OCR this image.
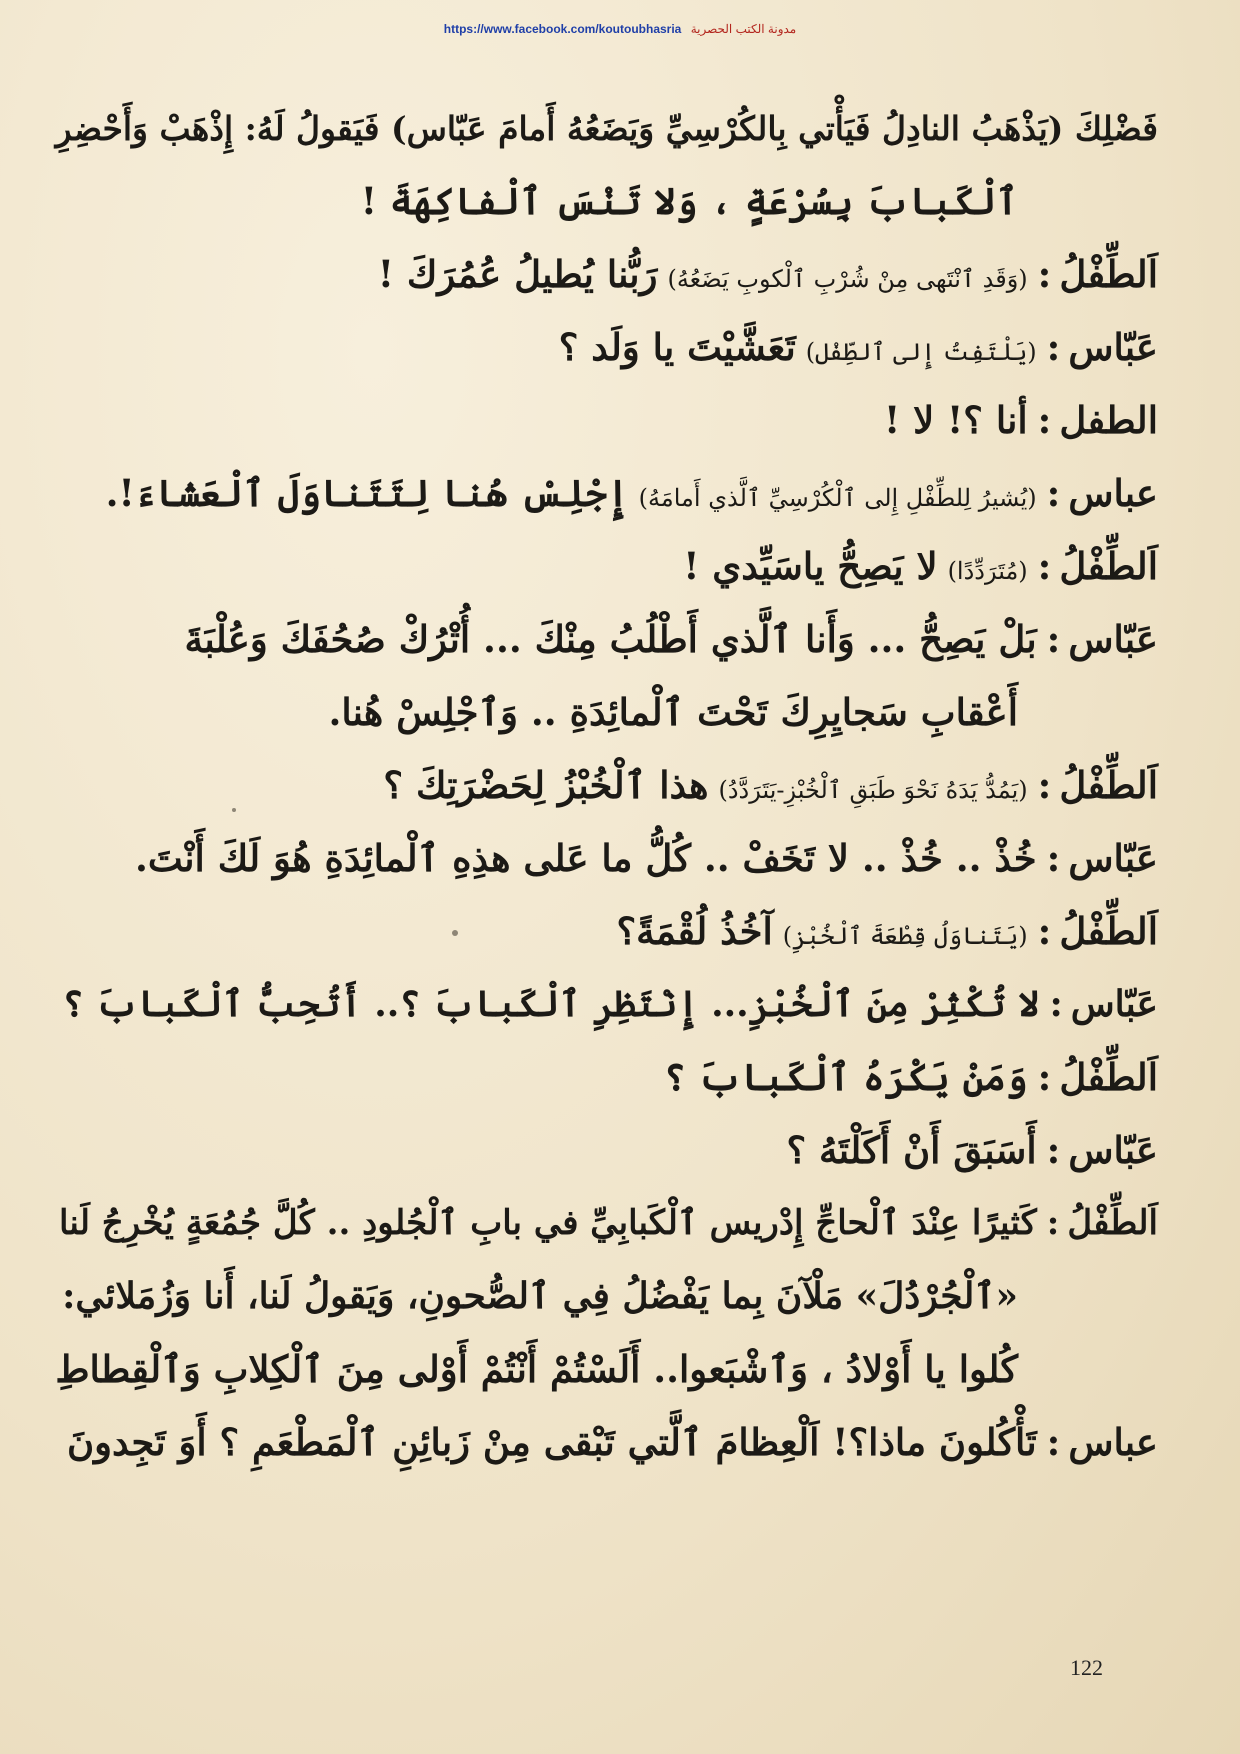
مدونة الكتب الحصرية https://www.facebook.com/koutoubhasria
فَضْلِكَ (يَذْهَبُ النادِلُ فَيَأْتي بِالكُرْسِيِّ وَيَضَعُهُ أَمامَ عَبّاس) فَيَقولُ لَهُ: إِذْهَبْ وَأَحْضِرِ
ٱلْكَبابَ بِسُرْعَةٍ ، وَلا تَنْسَ ٱلْفاكِهَةَ !
اَلطِّفْلُ
:
(وَقَدِ ٱنْتَهى مِنْ شُرْبِ ٱلْكوبِ يَضَعُهُ)
رَبُّنا يُطيلُ عُمُرَكَ !
عَبّاس
:
(يَلْتَفِتُ إِلى ٱلطِّفْل)
تَعَشَّيْتَ يا وَلَد ؟
الطفل
:
أنا ؟! لا !
عباس
:
(يُشيرُ لِلطِّفْلِ إِلى ٱلْكُرْسِيِّ ٱلَّذي أَمامَهُ)
إِجْلِسْ هُنا لِتَتَناوَلَ ٱلْعَشاءَ!.
اَلطِّفْلُ
:
(مُتَرَدِّدًا)
لا يَصِحُّ ياسَيِّدي !
عَبّاس
:
بَلْ يَصِحُّ ... وَأَنا ٱلَّذي أَطْلُبُ مِنْكَ ... أُتْرُكْ صُحُفَكَ وَعُلْبَةَ
أَعْقابِ سَجايِرِكَ تَحْتَ ٱلْمائِدَةِ .. وَٱجْلِسْ هُنا.
اَلطِّفْلُ
:
(يَمُدُّ يَدَهُ نَحْوَ طَبَقِ ٱلْخُبْزِ-يَتَرَدَّدُ)
هذا ٱلْخُبْزُ لِحَضْرَتِكَ ؟
عَبّاس
:
خُذْ .. خُذْ .. لا تَخَفْ .. كُلُّ ما عَلى هذِهِ ٱلْمائِدَةِ هُوَ لَكَ أَنْتَ.
اَلطِّفْلُ
:
(يَتَناوَلُ قِطْعَةَ ٱلْخُبْزِ)
آخُذُ لُقْمَةً؟
عَبّاس
:
لا تُكْثِرْ مِنَ ٱلْخُبْزِ... إِنْتَظِرِ ٱلْكَبابَ ؟.. أَتُحِبُّ ٱلْكَبابَ ؟
اَلطِّفْلُ
:
وَمَنْ يَكْرَهُ ٱلْكَبابَ ؟
عَبّاس
:
أَسَبَقَ أَنْ أَكَلْتَهُ ؟
اَلطِّفْلُ
:
كَثيرًا عِنْدَ ٱلْحاجِّ إِدْريس ٱلْكَبابِيِّ في بابِ ٱلْجُلودِ .. كُلَّ جُمُعَةٍ يُخْرِجُ لَنا
«ٱلْجُرْدُلَ» مَلْآنَ بِما يَفْضُلُ فِي ٱلصُّحونِ، وَيَقولُ لَنا، أَنا وَزُمَلائي:
كُلوا يا أَوْلادُ ، وَٱشْبَعوا.. أَلَسْتُمْ أَنْتُمْ أَوْلى مِنَ ٱلْكِلابِ وَٱلْقِطاطِ
عباس
:
تَأْكُلونَ ماذا؟! اَلْعِظامَ ٱلَّتي تَبْقى مِنْ زَبائِنِ ٱلْمَطْعَمِ ؟ أَوَ تَجِدونَ
122
